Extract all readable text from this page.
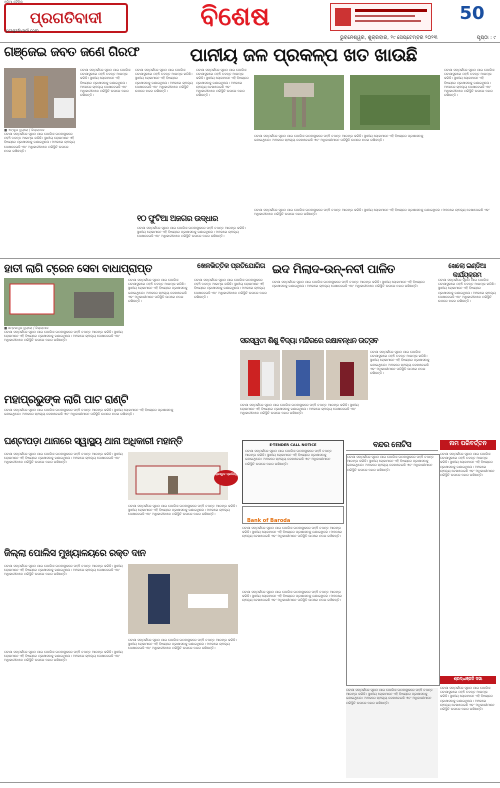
ଓଡ଼ିଆ ଦୈନିକ
ପ୍ରଗତିବାଦୀ
pragativadi.com	ବିଶେଷ	50
ଭୁବନେଶ୍ୱର, ଶୁକ୍ରବାର, ୨୯ ସେପ୍ଟେମ୍ବର ୨୦୨୩	ପୃଷ୍ଠା : ୯
ଗଞ୍ଜେଇ ଜବତ ଜଣେ ଗିରଫ
ଘଟଣା ସମ୍ପର୍କରେ ସୂଚନା ପାଇ ପୋଲିସ ଘଟଣାସ୍ଥଳରେ ପହଞ୍ଚି ତଦନ୍ତ ଆରମ୍ଭ କରିଛି। ସ୍ଥାନୀୟ ଲୋକମାନେ ଏହି ବିଷୟରେ ପ୍ରଶାସନକୁ ଜଣାଇଥିଲେ। ଅଞ୍ଚଳରେ ଚାଞ୍ଚଲ୍ୟ ଦେଖାଦେଇଛି ଏବଂ ଅଧିକାରୀମାନେ ପରିସ୍ଥିତି ଉପରେ ନଜର ରଖିଛନ୍ତି।
ଘଟଣା ସମ୍ପର୍କରେ ସୂଚନା ପାଇ ପୋଲିସ ଘଟଣାସ୍ଥଳରେ ପହଞ୍ଚି ତଦନ୍ତ ଆରମ୍ଭ କରିଛି। ସ୍ଥାନୀୟ ଲୋକମାନେ ଏହି ବିଷୟରେ ପ୍ରଶାସନକୁ ଜଣାଇଥିଲେ। ଅଞ୍ଚଳରେ ଚାଞ୍ଚଲ୍ୟ ଦେଖାଦେଇଛି ଏବଂ ଅଧିକାରୀମାନେ ପରିସ୍ଥିତି ଉପରେ ନଜର ରଖିଛନ୍ତି।
■ ଏଙ୍ଗୁଲ ବ୍ୟୁରୋ / ଜିଲ୍ଲାପାଳ
ପାନୀୟ ଜଳ ପ୍ରକଳ୍ପ ଖତ ଖାଉଛି
ଘଟଣା ସମ୍ପର୍କରେ ସୂଚନା ପାଇ ପୋଲିସ ଘଟଣାସ୍ଥଳରେ ପହଞ୍ଚି ତଦନ୍ତ ଆରମ୍ଭ କରିଛି। ସ୍ଥାନୀୟ ଲୋକମାନେ ଏହି ବିଷୟରେ ପ୍ରଶାସନକୁ ଜଣାଇଥିଲେ। ଅଞ୍ଚଳରେ ଚାଞ୍ଚଲ୍ୟ ଦେଖାଦେଇଛି ଏବଂ ଅଧିକାରୀମାନେ ପରିସ୍ଥିତି ଉପରେ ନଜର ରଖିଛନ୍ତି।
ଘଟଣା ସମ୍ପର୍କରେ ସୂଚନା ପାଇ ପୋଲିସ ଘଟଣାସ୍ଥଳରେ ପହଞ୍ଚି ତଦନ୍ତ ଆରମ୍ଭ କରିଛି। ସ୍ଥାନୀୟ ଲୋକମାନେ ଏହି ବିଷୟରେ ପ୍ରଶାସନକୁ ଜଣାଇଥିଲେ। ଅଞ୍ଚଳରେ ଚାଞ୍ଚଲ୍ୟ ଦେଖାଦେଇଛି ଏବଂ ଅଧିକାରୀମାନେ ପରିସ୍ଥିତି ଉପରେ ନଜର ରଖିଛନ୍ତି।
ଘଟଣା ସମ୍ପର୍କରେ ସୂଚନା ପାଇ ପୋଲିସ ଘଟଣାସ୍ଥଳରେ ପହଞ୍ଚି ତଦନ୍ତ ଆରମ୍ଭ କରିଛି। ସ୍ଥାନୀୟ ଲୋକମାନେ ଏହି ବିଷୟରେ ପ୍ରଶାସନକୁ ଜଣାଇଥିଲେ। ଅଞ୍ଚଳରେ ଚାଞ୍ଚଲ୍ୟ ଦେଖାଦେଇଛି ଏବଂ ଅଧିକାରୀମାନେ ପରିସ୍ଥିତି ଉପରେ ନଜର ରଖିଛନ୍ତି।
ଘଟଣା ସମ୍ପର୍କରେ ସୂଚନା ପାଇ ପୋଲିସ ଘଟଣାସ୍ଥଳରେ ପହଞ୍ଚି ତଦନ୍ତ ଆରମ୍ଭ କରିଛି। ସ୍ଥାନୀୟ ଲୋକମାନେ ଏହି ବିଷୟରେ ପ୍ରଶାସନକୁ ଜଣାଇଥିଲେ। ଅଞ୍ଚଳରେ ଚାଞ୍ଚଲ୍ୟ ଦେଖାଦେଇଛି ଏବଂ ଅଧିକାରୀମାନେ ପରିସ୍ଥିତି ଉପରେ ନଜର ରଖିଛନ୍ତି।
ଘଟଣା ସମ୍ପର୍କରେ ସୂଚନା ପାଇ ପୋଲିସ ଘଟଣାସ୍ଥଳରେ ପହଞ୍ଚି ତଦନ୍ତ ଆରମ୍ଭ କରିଛି। ସ୍ଥାନୀୟ ଲୋକମାନେ ଏହି ବିଷୟରେ ପ୍ରଶାସନକୁ ଜଣାଇଥିଲେ। ଅଞ୍ଚଳରେ ଚାଞ୍ଚଲ୍ୟ ଦେଖାଦେଇଛି ଏବଂ ଅଧିକାରୀମାନେ ପରିସ୍ଥିତି ଉପରେ ନଜର ରଖିଛନ୍ତି।
୧୦ ଫୁଟିଆ ଅଜଗର ଉଦ୍ଧାର
ଘଟଣା ସମ୍ପର୍କରେ ସୂଚନା ପାଇ ପୋଲିସ ଘଟଣାସ୍ଥଳରେ ପହଞ୍ଚି ତଦନ୍ତ ଆରମ୍ଭ କରିଛି। ସ୍ଥାନୀୟ ଲୋକମାନେ ଏହି ବିଷୟରେ ପ୍ରଶାସନକୁ ଜଣାଇଥିଲେ। ଅଞ୍ଚଳରେ ଚାଞ୍ଚଲ୍ୟ ଦେଖାଦେଇଛି ଏବଂ ଅଧିକାରୀମାନେ ପରିସ୍ଥିତି ଉପରେ ନଜର ରଖିଛନ୍ତି।
ହାତୀ ଲାଗି ଟ୍ରେନ ସେବା ବାଧାପ୍ରାପ୍ତ
ଘଟଣା ସମ୍ପର୍କରେ ସୂଚନା ପାଇ ପୋଲିସ ଘଟଣାସ୍ଥଳରେ ପହଞ୍ଚି ତଦନ୍ତ ଆରମ୍ଭ କରିଛି। ସ୍ଥାନୀୟ ଲୋକମାନେ ଏହି ବିଷୟରେ ପ୍ରଶାସନକୁ ଜଣାଇଥିଲେ। ଅଞ୍ଚଳରେ ଚାଞ୍ଚଲ୍ୟ ଦେଖାଦେଇଛି ଏବଂ ଅଧିକାରୀମାନେ ପରିସ୍ଥିତି ଉପରେ ନଜର ରଖିଛନ୍ତି।
ଘଟଣା ସମ୍ପର୍କରେ ସୂଚନା ପାଇ ପୋଲିସ ଘଟଣାସ୍ଥଳରେ ପହଞ୍ଚି ତଦନ୍ତ ଆରମ୍ଭ କରିଛି। ସ୍ଥାନୀୟ ଲୋକମାନେ ଏହି ବିଷୟରେ ପ୍ରଶାସନକୁ ଜଣାଇଥିଲେ। ଅଞ୍ଚଳରେ ଚାଞ୍ଚଲ୍ୟ ଦେଖାଦେଇଛି ଏବଂ ଅଧିକାରୀମାନେ ପରିସ୍ଥିତି ଉପରେ ନଜର ରଖିଛନ୍ତି।
■ ସମ୍ବଲପୁର ବ୍ୟୁରୋ / ଜିଲ୍ଲାପାଳ
ଖେଳଭିତ୍ତିକ ପ୍ରତିଯୋଗିତା
ଘଟଣା ସମ୍ପର୍କରେ ସୂଚନା ପାଇ ପୋଲିସ ଘଟଣାସ୍ଥଳରେ ପହଞ୍ଚି ତଦନ୍ତ ଆରମ୍ଭ କରିଛି। ସ୍ଥାନୀୟ ଲୋକମାନେ ଏହି ବିଷୟରେ ପ୍ରଶାସନକୁ ଜଣାଇଥିଲେ। ଅଞ୍ଚଳରେ ଚାଞ୍ଚଲ୍ୟ ଦେଖାଦେଇଛି ଏବଂ ଅଧିକାରୀମାନେ ପରିସ୍ଥିତି ଉପରେ ନଜର ରଖିଛନ୍ତି।
ଇଦ ମିଲାଦ-ଉନ୍-ନବୀ ପାଳିତ
ଘଟଣା ସମ୍ପର୍କରେ ସୂଚନା ପାଇ ପୋଲିସ ଘଟଣାସ୍ଥଳରେ ପହଞ୍ଚି ତଦନ୍ତ ଆରମ୍ଭ କରିଛି। ସ୍ଥାନୀୟ ଲୋକମାନେ ଏହି ବିଷୟରେ ପ୍ରଶାସନକୁ ଜଣାଇଥିଲେ। ଅଞ୍ଚଳରେ ଚାଞ୍ଚଲ୍ୟ ଦେଖାଦେଇଛି ଏବଂ ଅଧିକାରୀମାନେ ପରିସ୍ଥିତି ଉପରେ ନଜର ରଖିଛନ୍ତି।
ଖେଲୋ ଇଣ୍ଡିଆ କାର୍ଯ୍ୟକ୍ରମ
ଘଟଣା ସମ୍ପର୍କରେ ସୂଚନା ପାଇ ପୋଲିସ ଘଟଣାସ୍ଥଳରେ ପହଞ୍ଚି ତଦନ୍ତ ଆରମ୍ଭ କରିଛି। ସ୍ଥାନୀୟ ଲୋକମାନେ ଏହି ବିଷୟରେ ପ୍ରଶାସନକୁ ଜଣାଇଥିଲେ। ଅଞ୍ଚଳରେ ଚାଞ୍ଚଲ୍ୟ ଦେଖାଦେଇଛି ଏବଂ ଅଧିକାରୀମାନେ ପରିସ୍ଥିତି ଉପରେ ନଜର ରଖିଛନ୍ତି।
ମହାପ୍ରଭୁଙ୍କ ଲାଗି ପାଟ ରାଣ୍ଟି
ଘଟଣା ସମ୍ପର୍କରେ ସୂଚନା ପାଇ ପୋଲିସ ଘଟଣାସ୍ଥଳରେ ପହଞ୍ଚି ତଦନ୍ତ ଆରମ୍ଭ କରିଛି। ସ୍ଥାନୀୟ ଲୋକମାନେ ଏହି ବିଷୟରେ ପ୍ରଶାସନକୁ ଜଣାଇଥିଲେ। ଅଞ୍ଚଳରେ ଚାଞ୍ଚଲ୍ୟ ଦେଖାଦେଇଛି ଏବଂ ଅଧିକାରୀମାନେ ପରିସ୍ଥିତି ଉପରେ ନଜର ରଖିଛନ୍ତି।
ସରସ୍ୱତୀ ଶିଶୁ ବିଦ୍ୟା ମନ୍ଦିରରେ ରକ୍ଷାବନ୍ଧନ ଉତ୍ସବ
ଘଟଣା ସମ୍ପର୍କରେ ସୂଚନା ପାଇ ପୋଲିସ ଘଟଣାସ୍ଥଳରେ ପହଞ୍ଚି ତଦନ୍ତ ଆରମ୍ଭ କରିଛି। ସ୍ଥାନୀୟ ଲୋକମାନେ ଏହି ବିଷୟରେ ପ୍ରଶାସନକୁ ଜଣାଇଥିଲେ। ଅଞ୍ଚଳରେ ଚାଞ୍ଚଲ୍ୟ ଦେଖାଦେଇଛି ଏବଂ ଅଧିକାରୀମାନେ ପରିସ୍ଥିତି ଉପରେ ନଜର ରଖିଛନ୍ତି।
ଘଟଣା ସମ୍ପର୍କରେ ସୂଚନା ପାଇ ପୋଲିସ ଘଟଣାସ୍ଥଳରେ ପହଞ୍ଚି ତଦନ୍ତ ଆରମ୍ଭ କରିଛି। ସ୍ଥାନୀୟ ଲୋକମାନେ ଏହି ବିଷୟରେ ପ୍ରଶାସନକୁ ଜଣାଇଥିଲେ। ଅଞ୍ଚଳରେ ଚାଞ୍ଚଲ୍ୟ ଦେଖାଦେଇଛି ଏବଂ ଅଧିକାରୀମାନେ ପରିସ୍ଥିତି ଉପରେ ନଜର ରଖିଛନ୍ତି।
ଘଣ୍ଟାପଡ଼ା ଥାନାରେ ସ୍ୱାସ୍ଥ୍ୟ ଥାନା ଅଧିକାରୀ ମହାନ୍ତି
ଘଟଣା ସମ୍ପର୍କରେ ସୂଚନା ପାଇ ପୋଲିସ ଘଟଣାସ୍ଥଳରେ ପହଞ୍ଚି ତଦନ୍ତ ଆରମ୍ଭ କରିଛି। ସ୍ଥାନୀୟ ଲୋକମାନେ ଏହି ବିଷୟରେ ପ୍ରଶାସନକୁ ଜଣାଇଥିଲେ। ଅଞ୍ଚଳରେ ଚାଞ୍ଚଲ୍ୟ ଦେଖାଦେଇଛି ଏବଂ ଅଧିକାରୀମାନେ ପରିସ୍ଥିତି ଉପରେ ନଜର ରଖିଛନ୍ତି।
ପ୍ରସ୍ତୁତ ପ୍ରତିନିଧି
ଘଟଣା ସମ୍ପର୍କରେ ସୂଚନା ପାଇ ପୋଲିସ ଘଟଣାସ୍ଥଳରେ ପହଞ୍ଚି ତଦନ୍ତ ଆରମ୍ଭ କରିଛି। ସ୍ଥାନୀୟ ଲୋକମାନେ ଏହି ବିଷୟରେ ପ୍ରଶାସନକୁ ଜଣାଇଥିଲେ। ଅଞ୍ଚଳରେ ଚାଞ୍ଚଲ୍ୟ ଦେଖାଦେଇଛି ଏବଂ ଅଧିକାରୀମାନେ ପରିସ୍ଥିତି ଉପରେ ନଜର ରଖିଛନ୍ତି।
E-TENDER CALL NOTICE
ଘଟଣା ସମ୍ପର୍କରେ ସୂଚନା ପାଇ ପୋଲିସ ଘଟଣାସ୍ଥଳରେ ପହଞ୍ଚି ତଦନ୍ତ ଆରମ୍ଭ କରିଛି। ସ୍ଥାନୀୟ ଲୋକମାନେ ଏହି ବିଷୟରେ ପ୍ରଶାସନକୁ ଜଣାଇଥିଲେ। ଅଞ୍ଚଳରେ ଚାଞ୍ଚଲ୍ୟ ଦେଖାଦେଇଛି ଏବଂ ଅଧିକାରୀମାନେ ପରିସ୍ଥିତି ଉପରେ ନଜର ରଖିଛନ୍ତି।
Bank of Baroda
ଘଟଣା ସମ୍ପର୍କରେ ସୂଚନା ପାଇ ପୋଲିସ ଘଟଣାସ୍ଥଳରେ ପହଞ୍ଚି ତଦନ୍ତ ଆରମ୍ଭ କରିଛି। ସ୍ଥାନୀୟ ଲୋକମାନେ ଏହି ବିଷୟରେ ପ୍ରଶାସନକୁ ଜଣାଇଥିଲେ। ଅଞ୍ଚଳରେ ଚାଞ୍ଚଲ୍ୟ ଦେଖାଦେଇଛି ଏବଂ ଅଧିକାରୀମାନେ ପରିସ୍ଥିତି ଉପରେ ନଜର ରଖିଛନ୍ତି।
ବନ୍ଦର ନୋଟିସ
ଘଟଣା ସମ୍ପର୍କରେ ସୂଚନା ପାଇ ପୋଲିସ ଘଟଣାସ୍ଥଳରେ ପହଞ୍ଚି ତଦନ୍ତ ଆରମ୍ଭ କରିଛି। ସ୍ଥାନୀୟ ଲୋକମାନେ ଏହି ବିଷୟରେ ପ୍ରଶାସନକୁ ଜଣାଇଥିଲେ। ଅଞ୍ଚଳରେ ଚାଞ୍ଚଲ୍ୟ ଦେଖାଦେଇଛି ଏବଂ ଅଧିକାରୀମାନେ ପରିସ୍ଥିତି ଉପରେ ନଜର ରଖିଛନ୍ତି।
ନାମ ପରିବର୍ତ୍ତନ
ଘଟଣା ସମ୍ପର୍କରେ ସୂଚନା ପାଇ ପୋଲିସ ଘଟଣାସ୍ଥଳରେ ପହଞ୍ଚି ତଦନ୍ତ ଆରମ୍ଭ କରିଛି। ସ୍ଥାନୀୟ ଲୋକମାନେ ଏହି ବିଷୟରେ ପ୍ରଶାସନକୁ ଜଣାଇଥିଲେ। ଅଞ୍ଚଳରେ ଚାଞ୍ଚଲ୍ୟ ଦେଖାଦେଇଛି ଏବଂ ଅଧିକାରୀମାନେ ପରିସ୍ଥିତି ଉପରେ ନଜର ରଖିଛନ୍ତି।
ଶ୍ରଦ୍ଧାଞ୍ଜଳି ସଭା
ଘଟଣା ସମ୍ପର୍କରେ ସୂଚନା ପାଇ ପୋଲିସ ଘଟଣାସ୍ଥଳରେ ପହଞ୍ଚି ତଦନ୍ତ ଆରମ୍ଭ କରିଛି। ସ୍ଥାନୀୟ ଲୋକମାନେ ଏହି ବିଷୟରେ ପ୍ରଶାସନକୁ ଜଣାଇଥିଲେ। ଅଞ୍ଚଳରେ ଚାଞ୍ଚଲ୍ୟ ଦେଖାଦେଇଛି ଏବଂ ଅଧିକାରୀମାନେ ପରିସ୍ଥିତି ଉପରେ ନଜର ରଖିଛନ୍ତି।
ଜିଲ୍ଲା ପୋଲିସ ମୁଖ୍ୟାଳୟରେ ରକ୍ତ ଦାନ
ଘଟଣା ସମ୍ପର୍କରେ ସୂଚନା ପାଇ ପୋଲିସ ଘଟଣାସ୍ଥଳରେ ପହଞ୍ଚି ତଦନ୍ତ ଆରମ୍ଭ କରିଛି। ସ୍ଥାନୀୟ ଲୋକମାନେ ଏହି ବିଷୟରେ ପ୍ରଶାସନକୁ ଜଣାଇଥିଲେ। ଅଞ୍ଚଳରେ ଚାଞ୍ଚଲ୍ୟ ଦେଖାଦେଇଛି ଏବଂ ଅଧିକାରୀମାନେ ପରିସ୍ଥିତି ଉପରେ ନଜର ରଖିଛନ୍ତି।
ଘଟଣା ସମ୍ପର୍କରେ ସୂଚନା ପାଇ ପୋଲିସ ଘଟଣାସ୍ଥଳରେ ପହଞ୍ଚି ତଦନ୍ତ ଆରମ୍ଭ କରିଛି। ସ୍ଥାନୀୟ ଲୋକମାନେ ଏହି ବିଷୟରେ ପ୍ରଶାସନକୁ ଜଣାଇଥିଲେ। ଅଞ୍ଚଳରେ ଚାଞ୍ଚଲ୍ୟ ଦେଖାଦେଇଛି ଏବଂ ଅଧିକାରୀମାନେ ପରିସ୍ଥିତି ଉପରେ ନଜର ରଖିଛନ୍ତି।
ଘଟଣା ସମ୍ପର୍କରେ ସୂଚନା ପାଇ ପୋଲିସ ଘଟଣାସ୍ଥଳରେ ପହଞ୍ଚି ତଦନ୍ତ ଆରମ୍ଭ କରିଛି। ସ୍ଥାନୀୟ ଲୋକମାନେ ଏହି ବିଷୟରେ ପ୍ରଶାସନକୁ ଜଣାଇଥିଲେ। ଅଞ୍ଚଳରେ ଚାଞ୍ଚଲ୍ୟ ଦେଖାଦେଇଛି ଏବଂ ଅଧିକାରୀମାନେ ପରିସ୍ଥିତି ଉପରେ ନଜର ରଖିଛନ୍ତି।
ଘଟଣା ସମ୍ପର୍କରେ ସୂଚନା ପାଇ ପୋଲିସ ଘଟଣାସ୍ଥଳରେ ପହଞ୍ଚି ତଦନ୍ତ ଆରମ୍ଭ କରିଛି। ସ୍ଥାନୀୟ ଲୋକମାନେ ଏହି ବିଷୟରେ ପ୍ରଶାସନକୁ ଜଣାଇଥିଲେ। ଅଞ୍ଚଳରେ ଚାଞ୍ଚଲ୍ୟ ଦେଖାଦେଇଛି ଏବଂ ଅଧିକାରୀମାନେ ପରିସ୍ଥିତି ଉପରେ ନଜର ରଖିଛନ୍ତି।
ଘଟଣା ସମ୍ପର୍କରେ ସୂଚନା ପାଇ ପୋଲିସ ଘଟଣାସ୍ଥଳରେ ପହଞ୍ଚି ତଦନ୍ତ ଆରମ୍ଭ କରିଛି। ସ୍ଥାନୀୟ ଲୋକମାନେ ଏହି ବିଷୟରେ ପ୍ରଶାସନକୁ ଜଣାଇଥିଲେ। ଅଞ୍ଚଳରେ ଚାଞ୍ଚଲ୍ୟ ଦେଖାଦେଇଛି ଏବଂ ଅଧିକାରୀମାନେ ପରିସ୍ଥିତି ଉପରେ ନଜର ରଖିଛନ୍ତି।
